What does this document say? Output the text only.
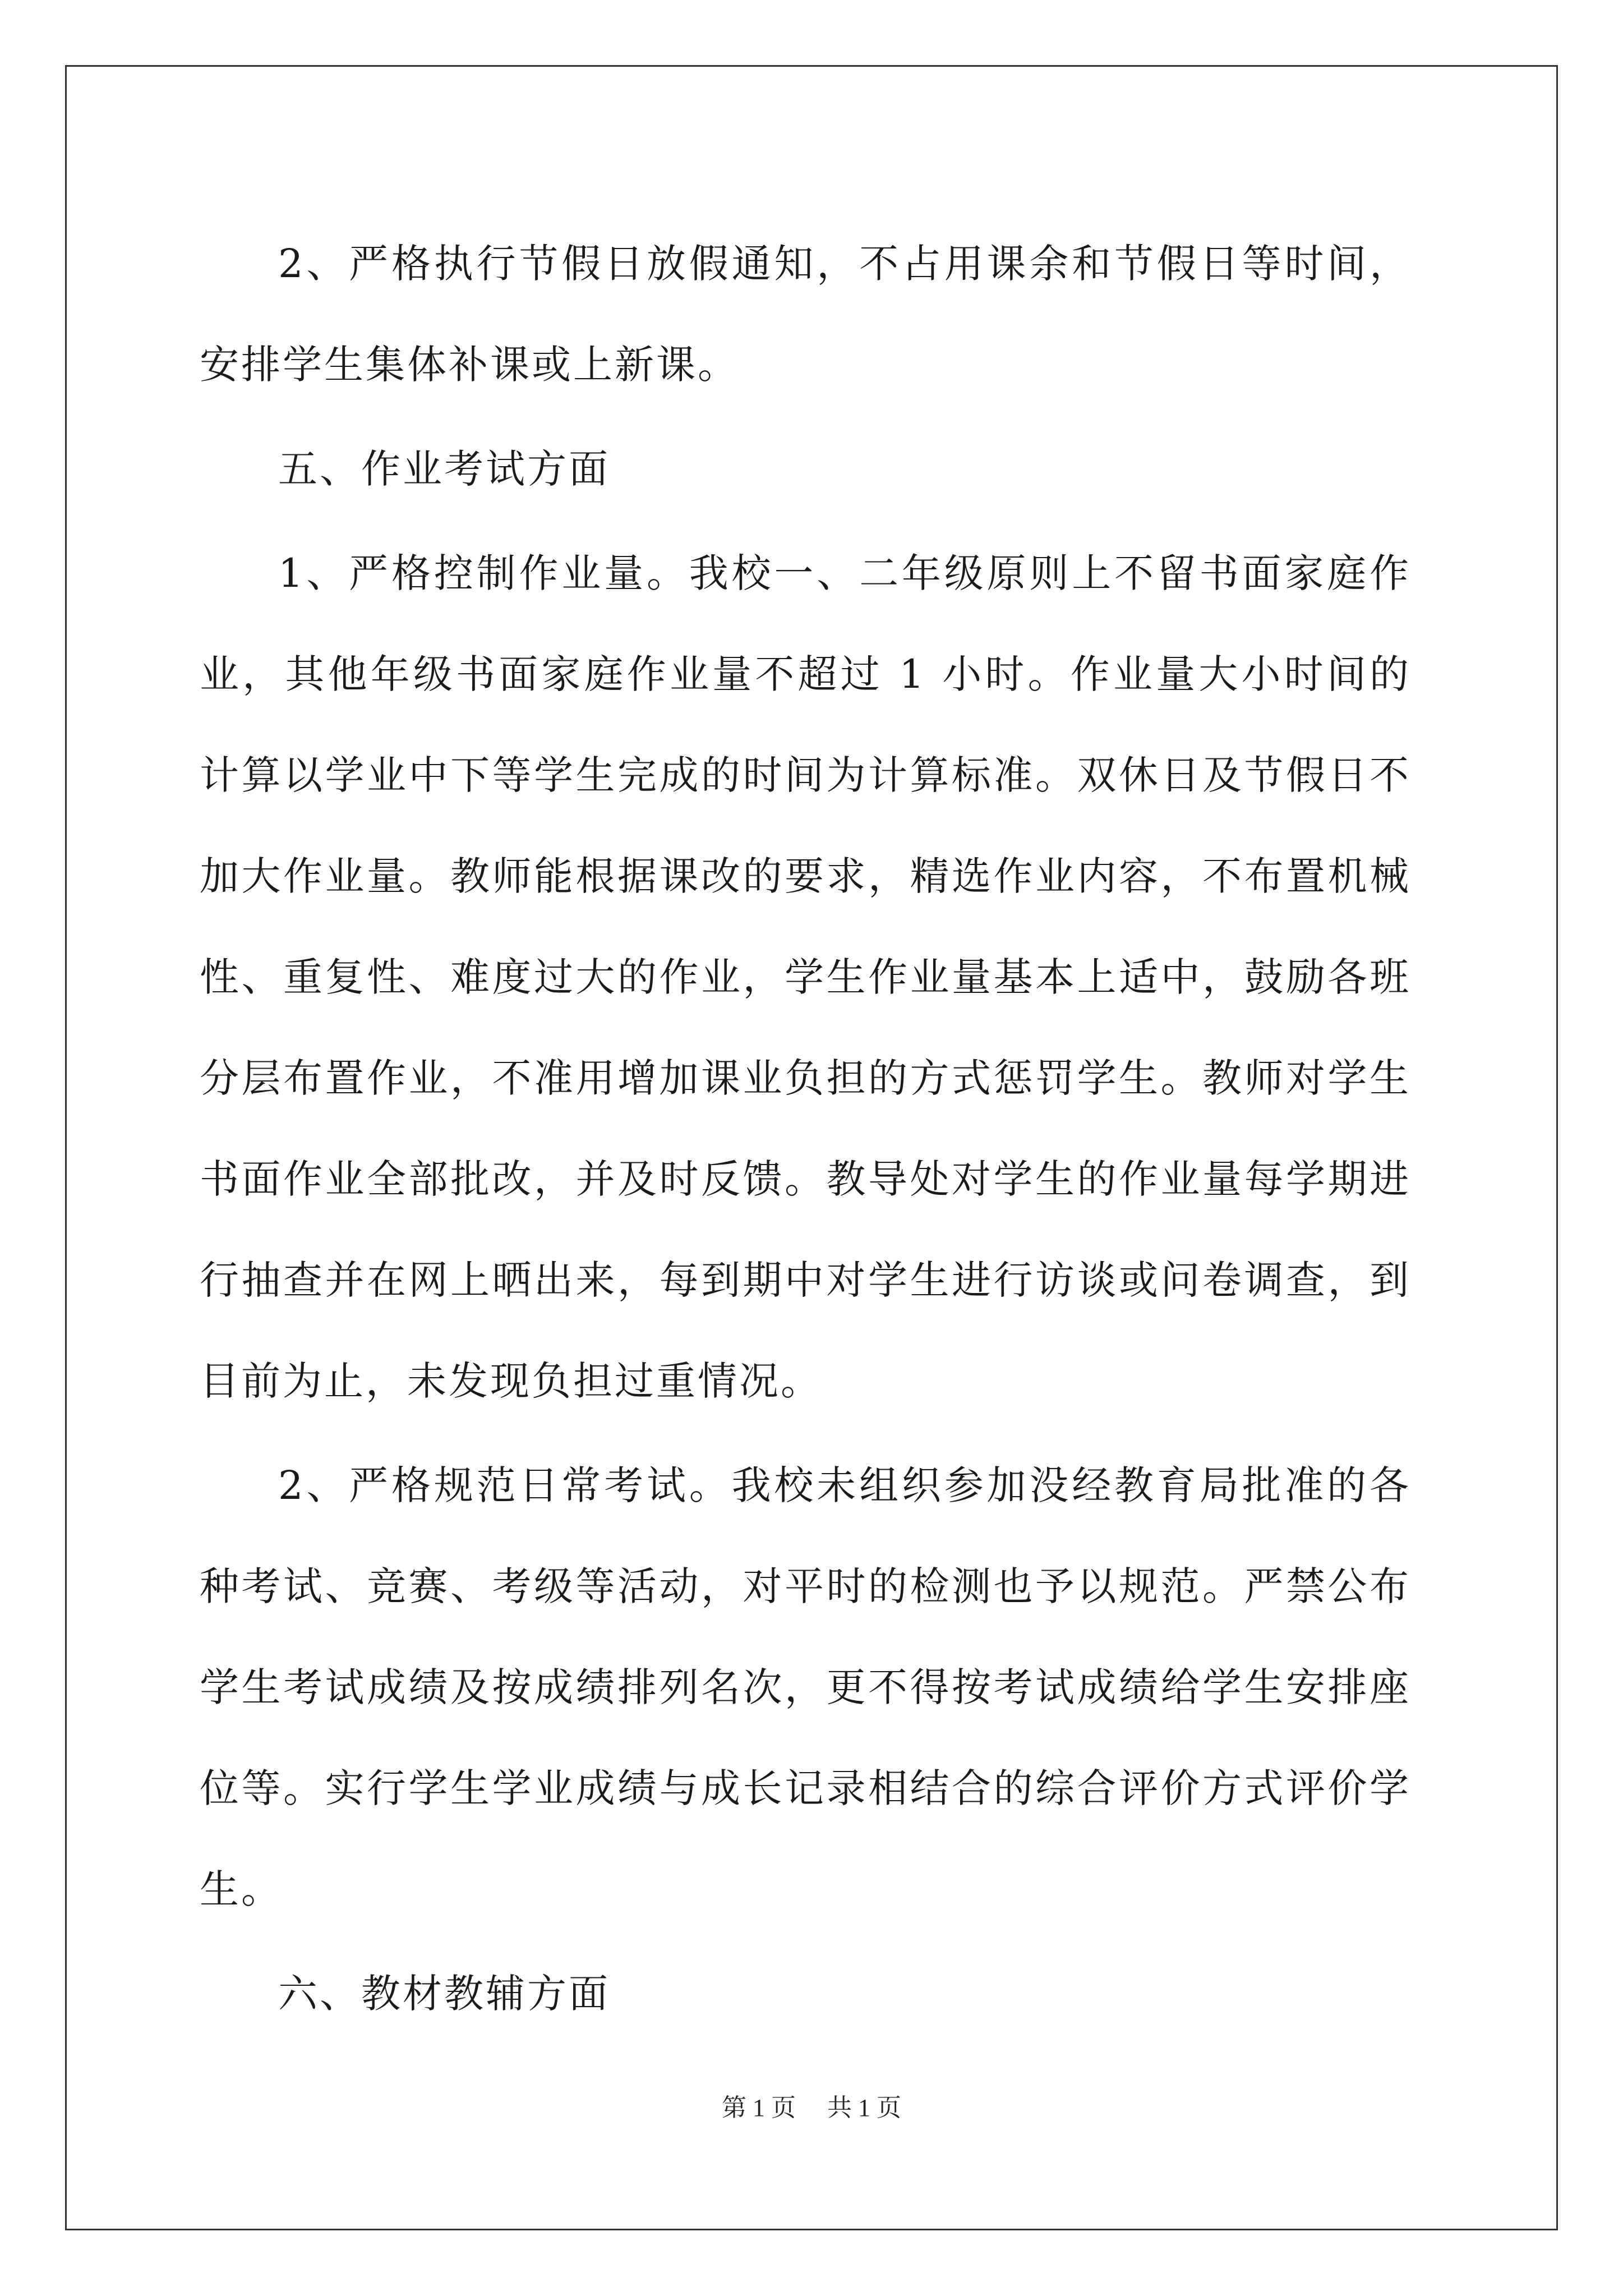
2、严格执行节假日放假通知，不占用课余和节假日等时间，安排学生集体补课或上新课。

五、作业考试方面

1、严格控制作业量。我校一、二年级原则上不留书面家庭作业，其他年级书面家庭作业量不超过 1 小时。作业量大小时间的计算以学业中下等学生完成的时间为计算标准。双休日及节假日不加大作业量。教师能根据课改的要求，精选作业内容，不布置机械性、重复性、难度过大的作业，学生作业量基本上适中，鼓励各班分层布置作业，不准用增加课业负担的方式惩罚学生。教师对学生书面作业全部批改，并及时反馈。教导处对学生的作业量每学期进行抽查并在网上晒出来，每到期中对学生进行访谈或问卷调查，到目前为止，未发现负担过重情况。

2、严格规范日常考试。我校未组织参加没经教育局批准的各种考试、竞赛、考级等活动，对平时的检测也予以规范。严禁公布学生考试成绩及按成绩排列名次，更不得按考试成绩给学生安排座位等。实行学生学业成绩与成长记录相结合的综合评价方式评价学生。

六、教材教辅方面

第 1 页 共 1 页
